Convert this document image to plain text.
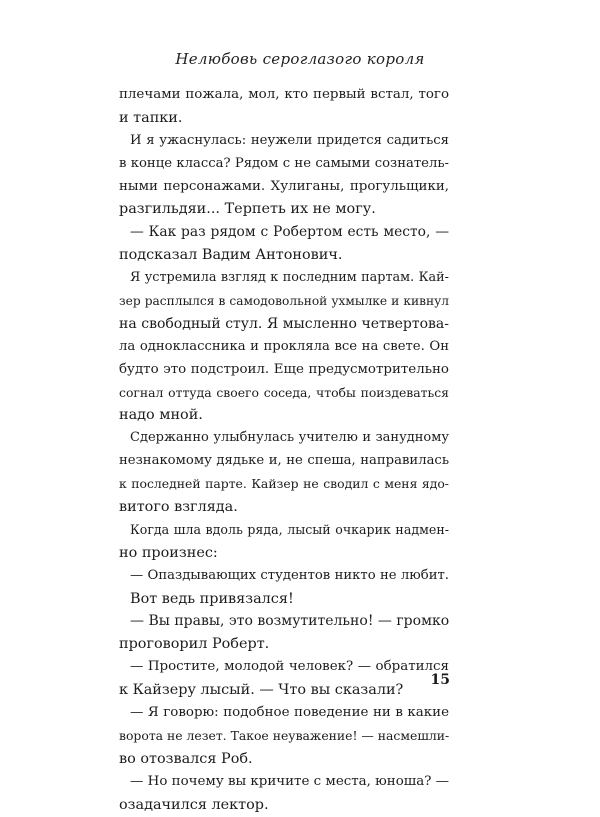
Нелюбовь сероглазого короля
плечами пожала, мол, кто первый встал, того
и тапки.
И я ужаснулась: неужели придется садиться
в конце класса? Рядом с не самыми сознатель-
ными персонажами. Хулиганы, прогульщики,
разгильдяи... Терпеть их не могу.
— Как раз рядом с Робертом есть место, —
подсказал Вадим Антонович.
Я устремила взгляд к последним партам. Кай-
зер расплылся в самодовольной ухмылке и кивнул
на свободный стул. Я мысленно четвертова-
ла одноклассника и прокляла все на свете. Он
будто это подстроил. Еще предусмотрительно
согнал оттуда своего соседа, чтобы поиздеваться
надо мной.
Сдержанно улыбнулась учителю и занудному
незнакомому дядьке и, не спеша, направилась
к последней парте. Кайзер не сводил с меня ядо-
витого взгляда.
Когда шла вдоль ряда, лысый очкарик надмен-
но произнес:
— Опаздывающих студентов никто не любит.
Вот ведь привязался!
— Вы правы, это возмутительно! — громко
проговорил Роберт.
— Простите, молодой человек? — обратился
к Кайзеру лысый. — Что вы сказали?
— Я говорю: подобное поведение ни в какие
ворота не лезет. Такое неуважение! — насмешли-
во отозвался Роб.
— Но почему вы кричите с места, юноша? —
озадачился лектор.
15
